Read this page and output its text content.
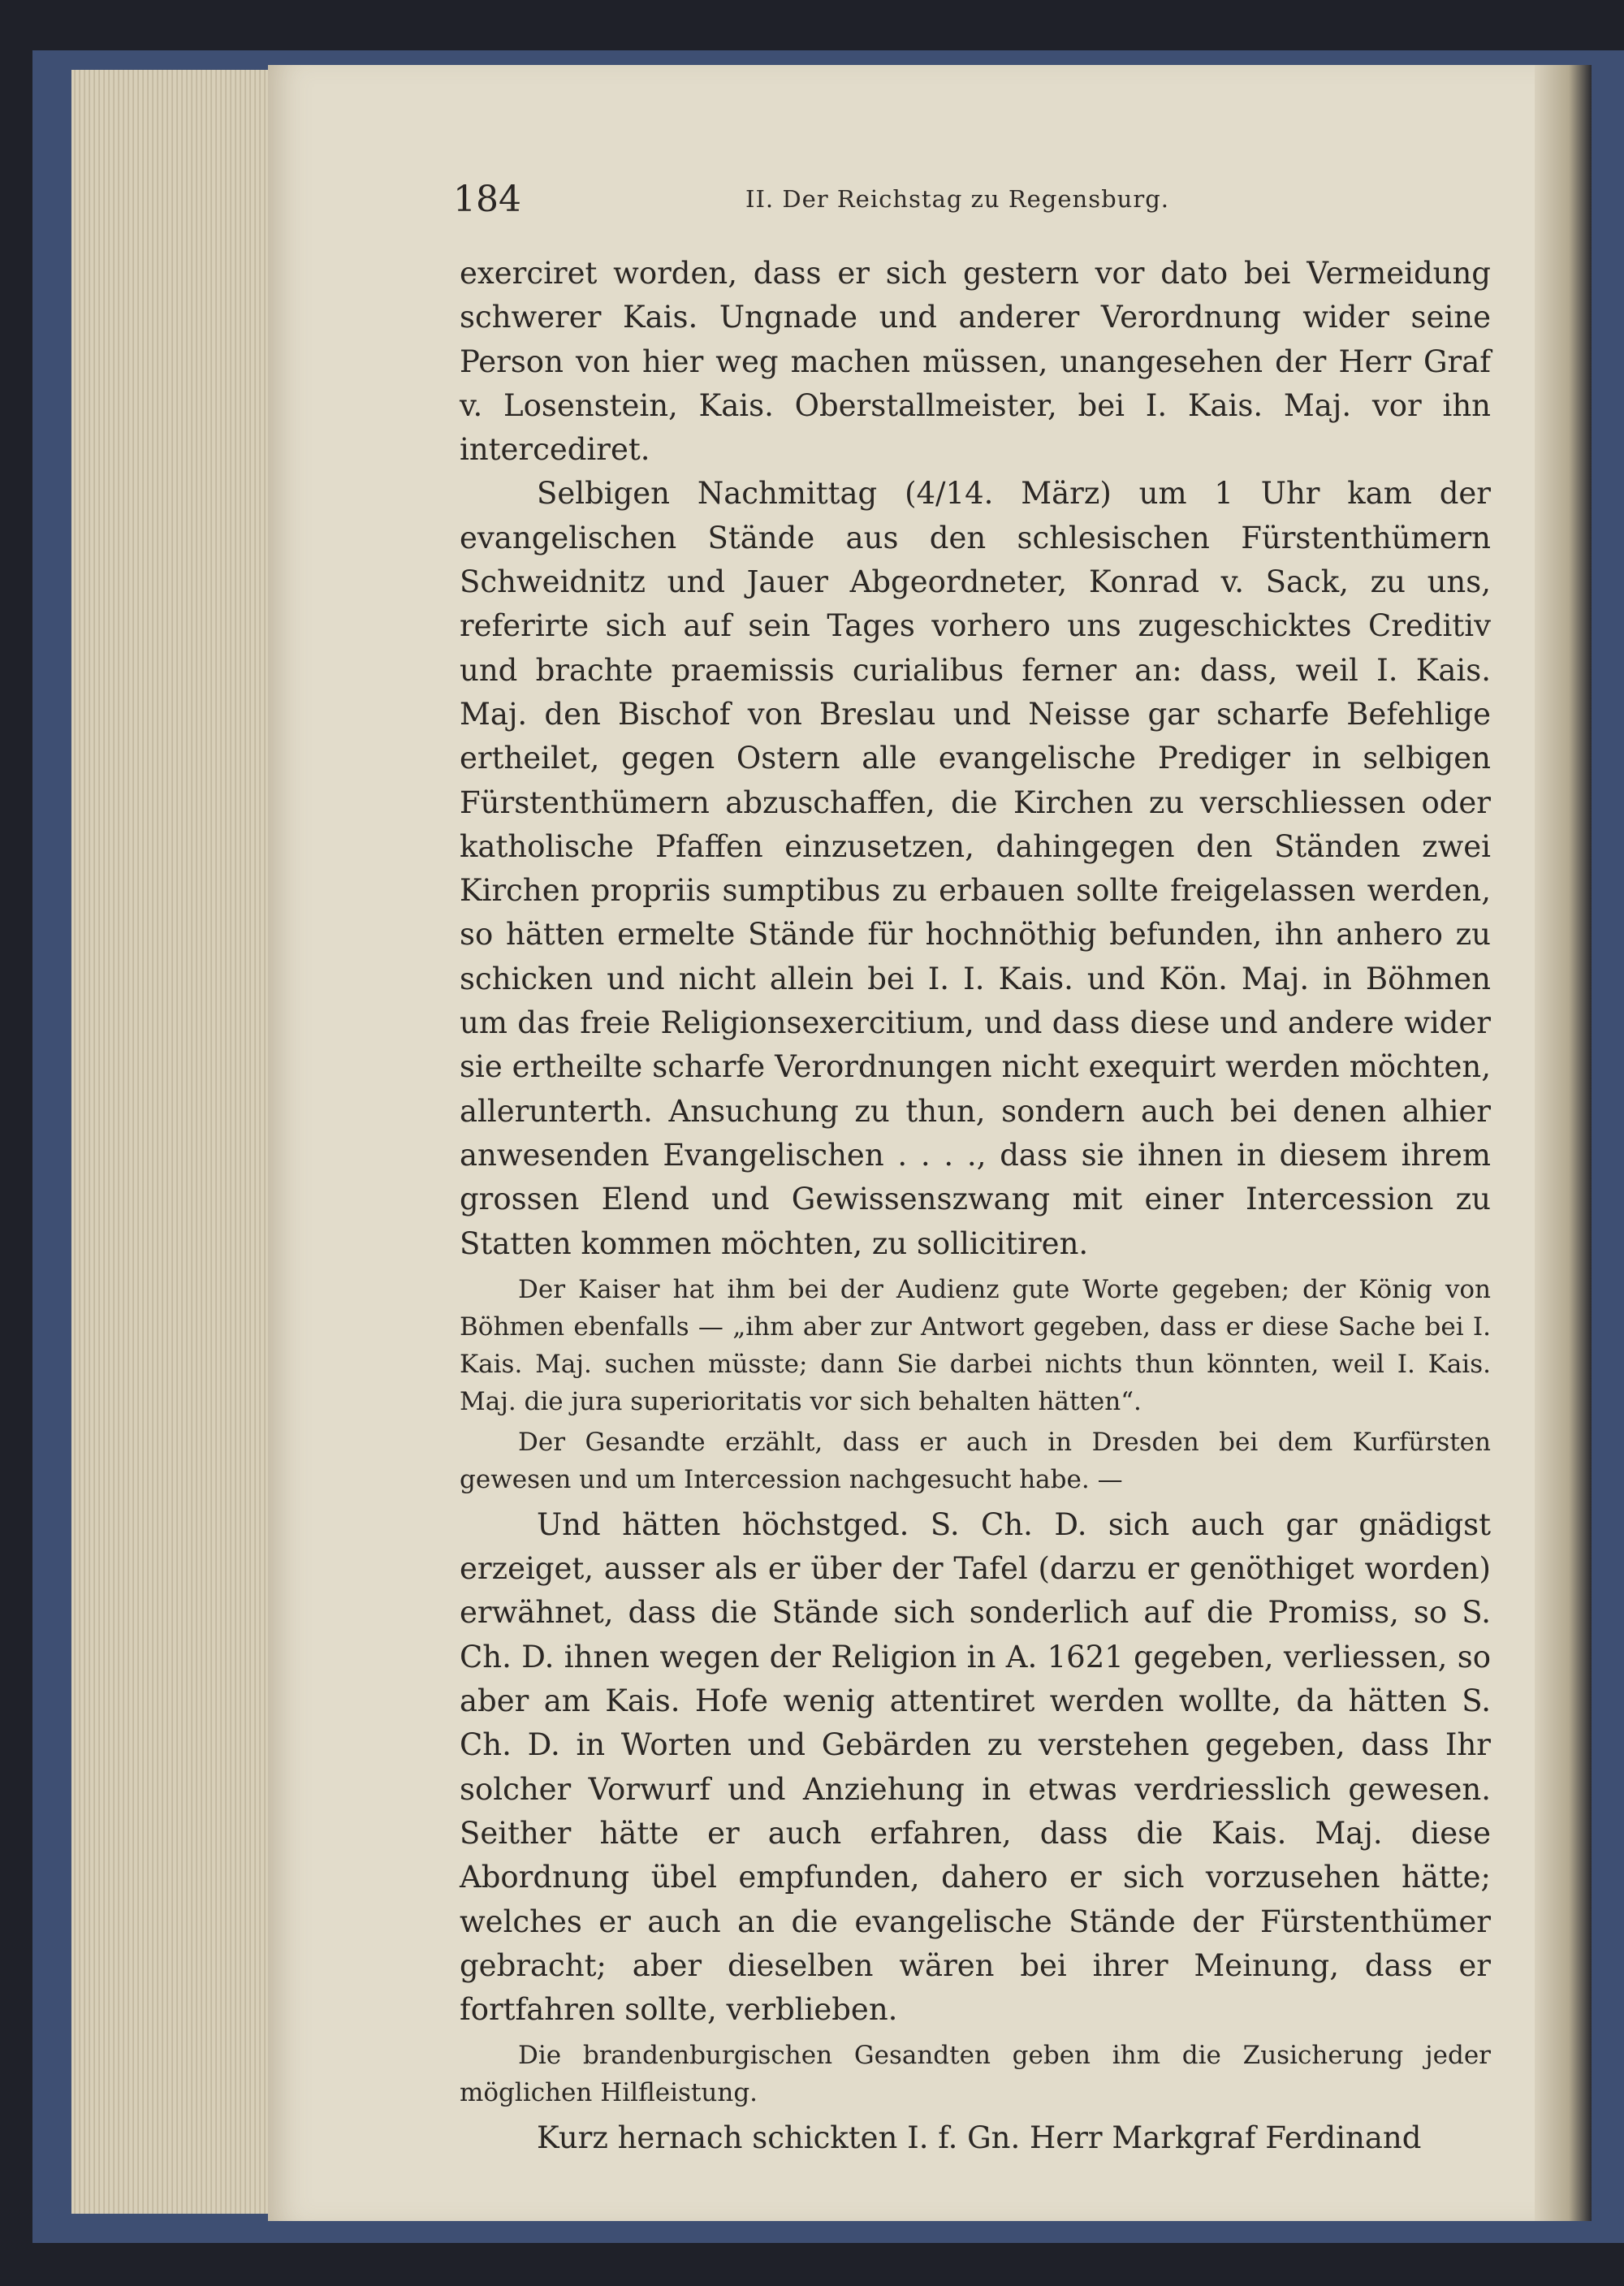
184	II. Der Reichstag zu Regensburg.

exerciret worden, dass er sich gestern vor dato bei Vermeidung schwerer Kais. Ungnade und anderer Verordnung wider seine Person von hier weg machen müssen, unangesehen der Herr Graf v. Losenstein, Kais. Oberstallmeister, bei I. Kais. Maj. vor ihn intercediret.

Selbigen Nachmittag (4/14. März) um 1 Uhr kam der evangelischen Stände aus den schlesischen Fürstenthümern Schweidnitz und Jauer Abgeordneter, Konrad v. Sack, zu uns, referirte sich auf sein Tages vorhero uns zugeschicktes Creditiv und brachte praemissis curialibus ferner an: dass, weil I. Kais. Maj. den Bischof von Breslau und Neisse gar scharfe Befehlige ertheilet, gegen Ostern alle evangelische Prediger in selbigen Fürstenthümern abzuschaffen, die Kirchen zu verschliessen oder katholische Pfaffen einzusetzen, dahingegen den Ständen zwei Kirchen propriis sumptibus zu erbauen sollte freigelassen werden, so hätten ermelte Stände für hochnöthig befunden, ihn anhero zu schicken und nicht allein bei I. I. Kais. und Kön. Maj. in Böhmen um das freie Religionsexercitium, und dass diese und andere wider sie ertheilte scharfe Verordnungen nicht exequirt werden möchten, allerunterth. Ansuchung zu thun, sondern auch bei denen alhier anwesenden Evangelischen . . . ., dass sie ihnen in diesem ihrem grossen Elend und Gewissenszwang mit einer Intercession zu Statten kommen möchten, zu sollicitiren.

Der Kaiser hat ihm bei der Audienz gute Worte gegeben; der König von Böhmen ebenfalls — „ihm aber zur Antwort gegeben, dass er diese Sache bei I. Kais. Maj. suchen müsste; dann Sie darbei nichts thun könnten, weil I. Kais. Maj. die jura superioritatis vor sich behalten hätten“.

Der Gesandte erzählt, dass er auch in Dresden bei dem Kurfürsten gewesen und um Intercession nachgesucht habe. —

Und hätten höchstged. S. Ch. D. sich auch gar gnädigst erzeiget, ausser als er über der Tafel (darzu er genöthiget worden) erwähnet, dass die Stände sich sonderlich auf die Promiss, so S. Ch. D. ihnen wegen der Religion in A. 1621 gegeben, verliessen, so aber am Kais. Hofe wenig attentiret werden wollte, da hätten S. Ch. D. in Worten und Gebärden zu verstehen gegeben, dass Ihr solcher Vorwurf und Anziehung in etwas verdriesslich gewesen. Seither hätte er auch erfahren, dass die Kais. Maj. diese Abordnung übel empfunden, dahero er sich vorzusehen hätte; welches er auch an die evangelische Stände der Fürstenthümer gebracht; aber dieselben wären bei ihrer Meinung, dass er fortfahren sollte, verblieben.

Die brandenburgischen Gesandten geben ihm die Zusicherung jeder möglichen Hilfleistung.

Kurz hernach schickten I. f. Gn. Herr Markgraf Ferdinand
